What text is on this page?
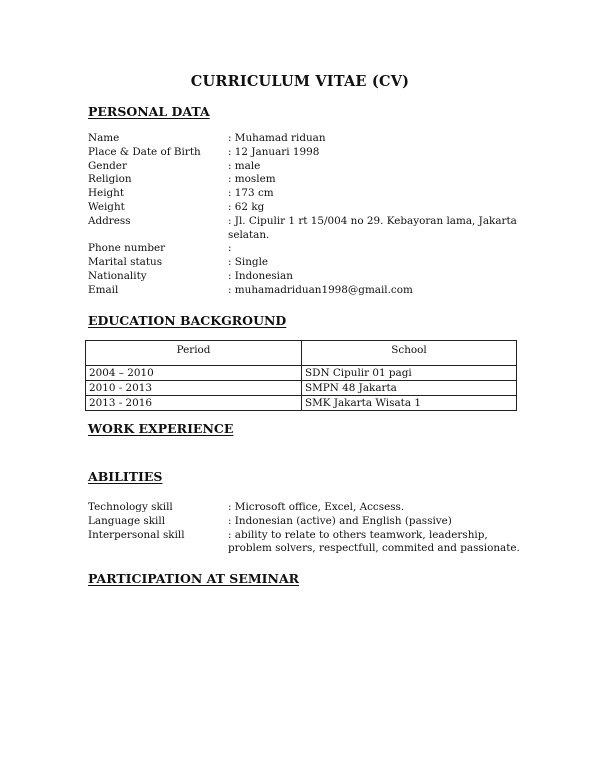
CURRICULUM VITAE (CV)
PERSONAL DATA
Name	: Muhamad riduan
Place & Date of Birth	: 12 Januari 1998
Gender	: male
Religion	: moslem
Height	: 173 cm
Weight	: 62 kg
Address	: Jl. Cipulir 1 rt 15/004 no 29. Kebayoran lama, Jakarta selatan.
Phone number	:
Marital status	: Single
Nationality	: Indonesian
Email	: muhamadriduan1998@gmail.com
EDUCATION BACKGROUND
Period	School
2004 – 2010	SDN Cipulir 01 pagi
2010 - 2013	SMPN 48 Jakarta
2013 - 2016	SMK Jakarta Wisata 1
WORK EXPERIENCE
ABILITIES
Technology skill	: Microsoft office, Excel, Accsess.
Language skill	: Indonesian (active) and English (passive)
Interpersonal skill	: ability to relate to others teamwork, leadership, problem solvers, respectfull, commited and passionate.
PARTICIPATION AT SEMINAR
